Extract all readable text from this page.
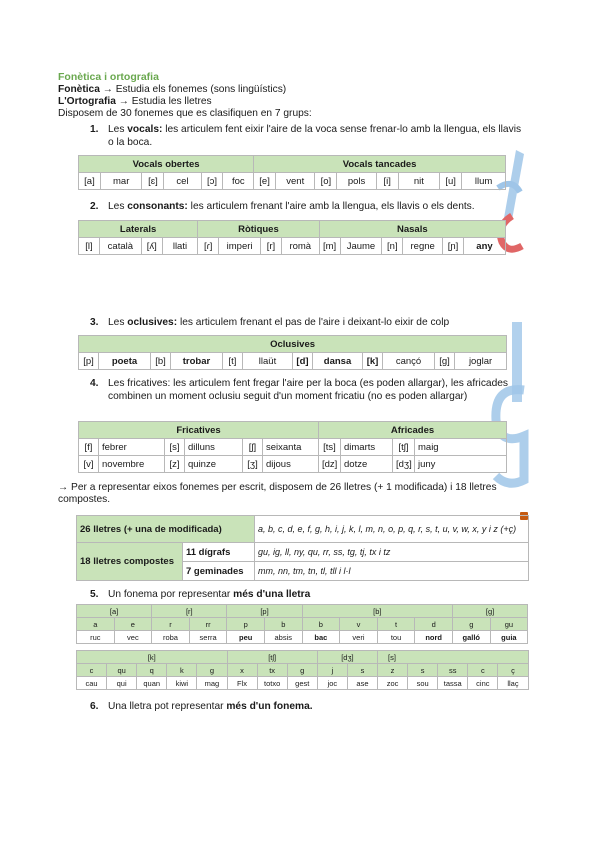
Fonètica i ortografia
Fonètica → Estudia els fonemes (sons lingüístics)
L'Ortografia → Estudia les lletres
Disposem de 30 fonemes que es clasifiquen en 7 grups:
1. Les vocals: les articulem fent eixir l'aire de la voca sense frenar-lo amb la llengua, els llavis o la boca.
Vocals obertes						Vocals tancades							
[a]	mar	[ɛ]	cel	[ɔ]	foc	[e]	vent	[o]	pols	[i]	nit	[u]	llum
2. Les consonants: les articulem frenant l'aire amb la llengua, els llavis o els dents.
Laterals				Ròtiques				Nasals					
[l]	català	[ʎ]	llati	[ɾ]	imperi	[r]	romà	[m]	Jaume	[n]	regne	[ɲ]	any
3. Les oclusives: les articulem frenant el pas de l'aire i deixant-lo eixir de colp
Oclusives
[p]	poeta	[b]	trobar	[t]	llaüt	[d]	dansa	[k]	cançó	[ɡ]	joglar
4. Les fricatives: les articulem fent fregar l'aire per la boca (es poden allargar), les africades combinen un moment oclusiu seguit d'un moment fricatiu (no es poden allargar)
Fricatives						Africades			
[f]	febrer	[s]	dilluns	[ʃ]	seixanta	[ts]	dimarts	[tʃ]	maig
[v]	novembre	[z]	quinze	[ʒ]	dijous	[dz]	dotze	[dʒ]	juny
→ Per a representar eixos fonemes per escrit, disposem de 26 lletres (+ 1 modificada) i 18 lletres compostes.
26 lletres (+ una de modificada)		a, b, c, d, e, f, g, h, i, j, k, l, m, n, o, p, q, r, s, t, u, v, w, x, y i z (+ç)
18 lletres compostes	11 dígrafs	gu, ig, ll, ny, qu, rr, ss, tg, tj, tx i tz
	7 geminades	mm, nn, tm, tn, tl, tll i l·l
5. Un fonema por representar més d'una lletra
[a]		[r]		[p]		[b]				[ɡ]	
a	e	r	rr	p	b	b	v	t	d	g	gu
ruc	vec	roba	serra	peu	absis	bac	veri	tou	nord	galló	guia
[k]					[tʃ]			[dʒ]		[s]				
c	qu	q	k	g	x	tx	g	j	s	z	s	ss	c	ç
cau	qui	quan	kiwi	mag	Flx	totxo	gest	joc	ase	zoc	sou	tassa	cinc	llaç
6. Una lletra pot representar més d'un fonema.
